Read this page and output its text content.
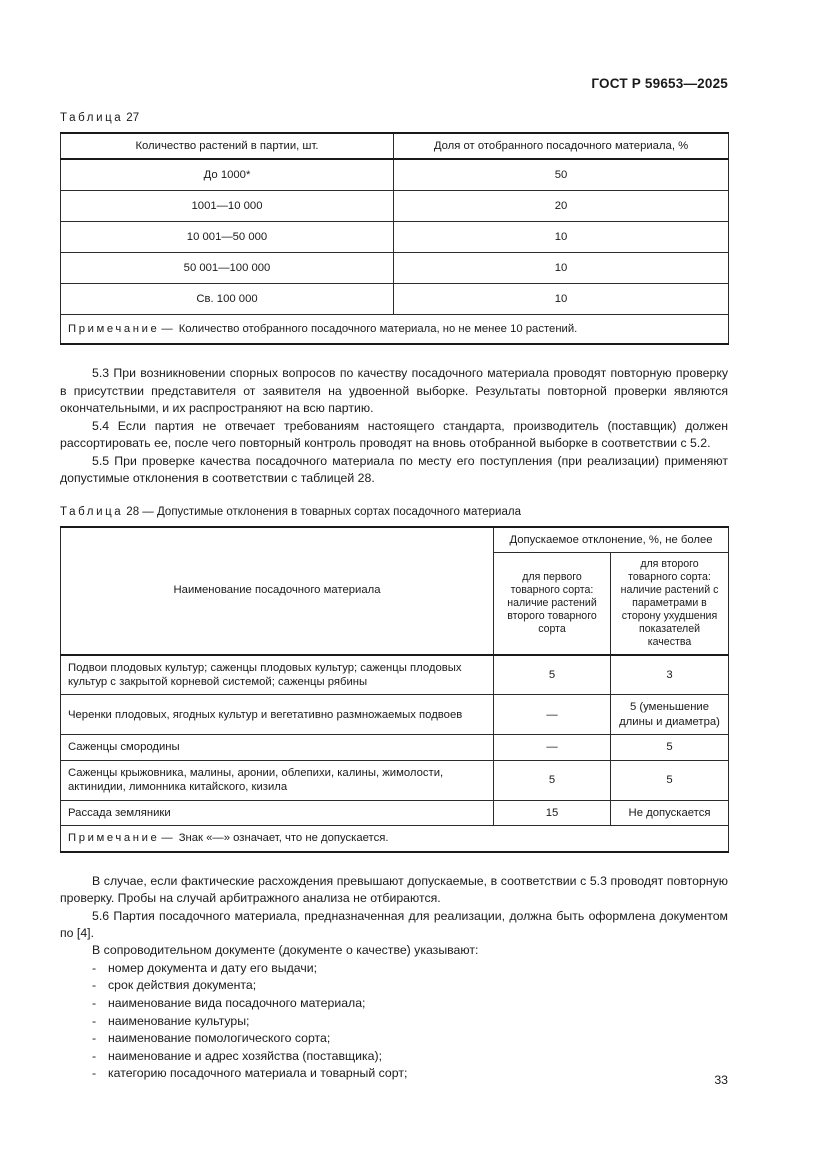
ГОСТ Р 59653—2025
Таблица 27
Количество растений в партии, шт.	Доля от отобранного посадочного материала, %
До 1000*	50
1001—10 000	20
10 001—50 000	10
50 001—100 000	10
Св. 100 000	10
Примечание — Количество отобранного посадочного материала, но не менее 10 растений.	

5.3 При возникновении спорных вопросов по качеству посадочного материала проводят повторную проверку в присутствии представителя от заявителя на удвоенной выборке. Результаты повторной проверки являются окончательными, и их распространяют на всю партию.

5.4 Если партия не отвечает требованиям настоящего стандарта, производитель (поставщик) должен рассортировать ее, после чего повторный контроль проводят на вновь отобранной выборке в соответствии с 5.2.

5.5 При проверке качества посадочного материала по месту его поступления (при реализации) применяют допустимые отклонения в соответствии с таблицей 28.

Таблица 28 — Допустимые отклонения в товарных сортах посадочного материала
Наименование посадочного материала	Допускаемое отклонение, %, не более	
	для первого товарного сорта: наличие растений второго товарного сорта	для второго товарного сорта: наличие растений с параметрами в сторону ухудшения показателей качества
Подвои плодовых культур; саженцы плодовых культур; саженцы плодовых культур с закрытой корневой системой; саженцы рябины	5	3
Черенки плодовых, ягодных культур и вегетативно размножаемых подвоев	—	5 (уменьшение длины и диаметра)
Саженцы смородины	—	5
Саженцы крыжовника, малины, аронии, облепихи, калины, жимолости, актинидии, лимонника китайского, кизила	5	5
Рассада земляники	15	Не допускается
Примечание — Знак «—» означает, что не допускается.		

В случае, если фактические расхождения превышают допускаемые, в соответствии с 5.3 проводят повторную проверку. Пробы на случай арбитражного анализа не отбираются.

5.6 Партия посадочного материала, предназначенная для реализации, должна быть оформлена документом по [4].

В сопроводительном документе (документе о качестве) указывают:

- номер документа и дату его выдачи;
- срок действия документа;
- наименование вида посадочного материала;
- наименование культуры;
- наименование помологического сорта;
- наименование и адрес хозяйства (поставщика);
- категорию посадочного материала и товарный сорт;	33
